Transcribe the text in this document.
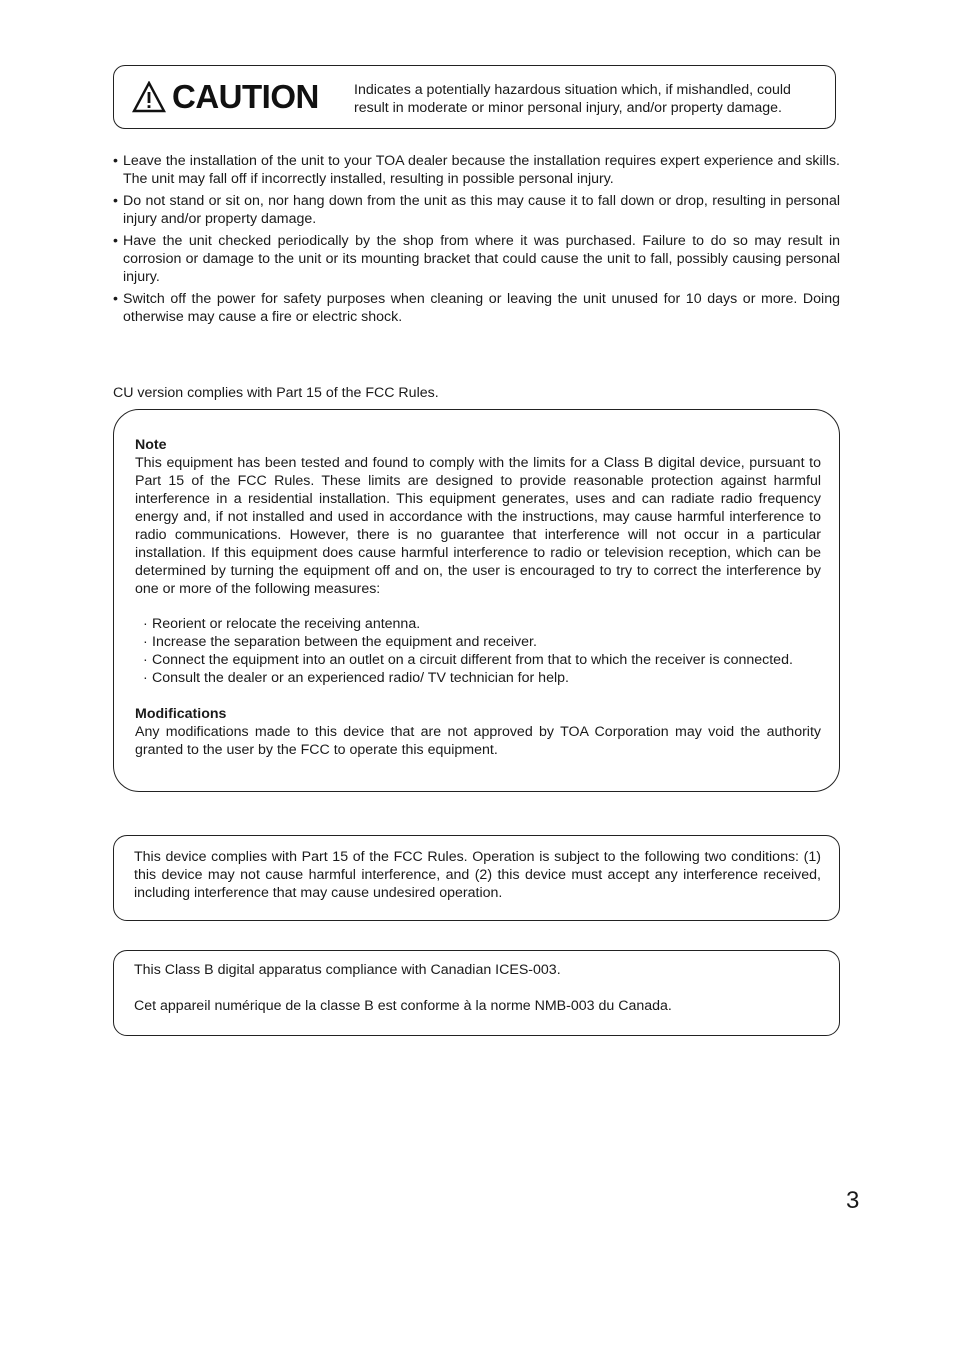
CAUTION Indicates a potentially hazardous situation which, if mishandled, could result in moderate or minor personal injury, and/or property damage.
• Leave the installation of the unit to your TOA dealer because the installation requires expert experience and skills. The unit may fall off if incorrectly installed, resulting in possible personal injury.
• Do not stand or sit on, nor hang down from the unit as this may cause it to fall down or drop, resulting in personal injury and/or property damage.
• Have the unit checked periodically by the shop from where it was purchased. Failure to do so may result in corrosion or damage to the unit or its mounting bracket that could cause the unit to fall, possibly causing personal injury.
• Switch off the power for safety purposes when cleaning or leaving the unit unused for 10 days or more. Doing otherwise may cause a fire or electric shock.
CU version complies with Part 15 of the FCC Rules.
Note
This equipment has been tested and found to comply with the limits for a Class B digital device, pursuant to Part 15 of the FCC Rules. These limits are designed to provide reasonable protection against harmful interference in a residential installation. This equipment generates, uses and can radiate radio frequency energy and, if not installed and used in accordance with the instructions, may cause harmful interference to radio communications. However, there is no guarantee that interference will not occur in a particular installation. If this equipment does cause harmful interference to radio or television reception, which can be determined by turning the equipment off and on, the user is encouraged to try to correct the interference by one or more of the following measures:
· Reorient or relocate the receiving antenna.
· Increase the separation between the equipment and receiver.
· Connect the equipment into an outlet on a circuit different from that to which the receiver is connected.
· Consult the dealer or an experienced radio/ TV technician for help.
Modifications
Any modifications made to this device that are not approved by TOA Corporation may void the authority granted to the user by the FCC to operate this equipment.
This device complies with Part 15 of the FCC Rules. Operation is subject to the following two conditions: (1) this device may not cause harmful interference, and (2) this device must accept any interference received, including interference that may cause undesired operation.
This Class B digital apparatus compliance with Canadian ICES-003.
Cet appareil numérique de la classe B est conforme à la norme NMB-003 du Canada.
3
